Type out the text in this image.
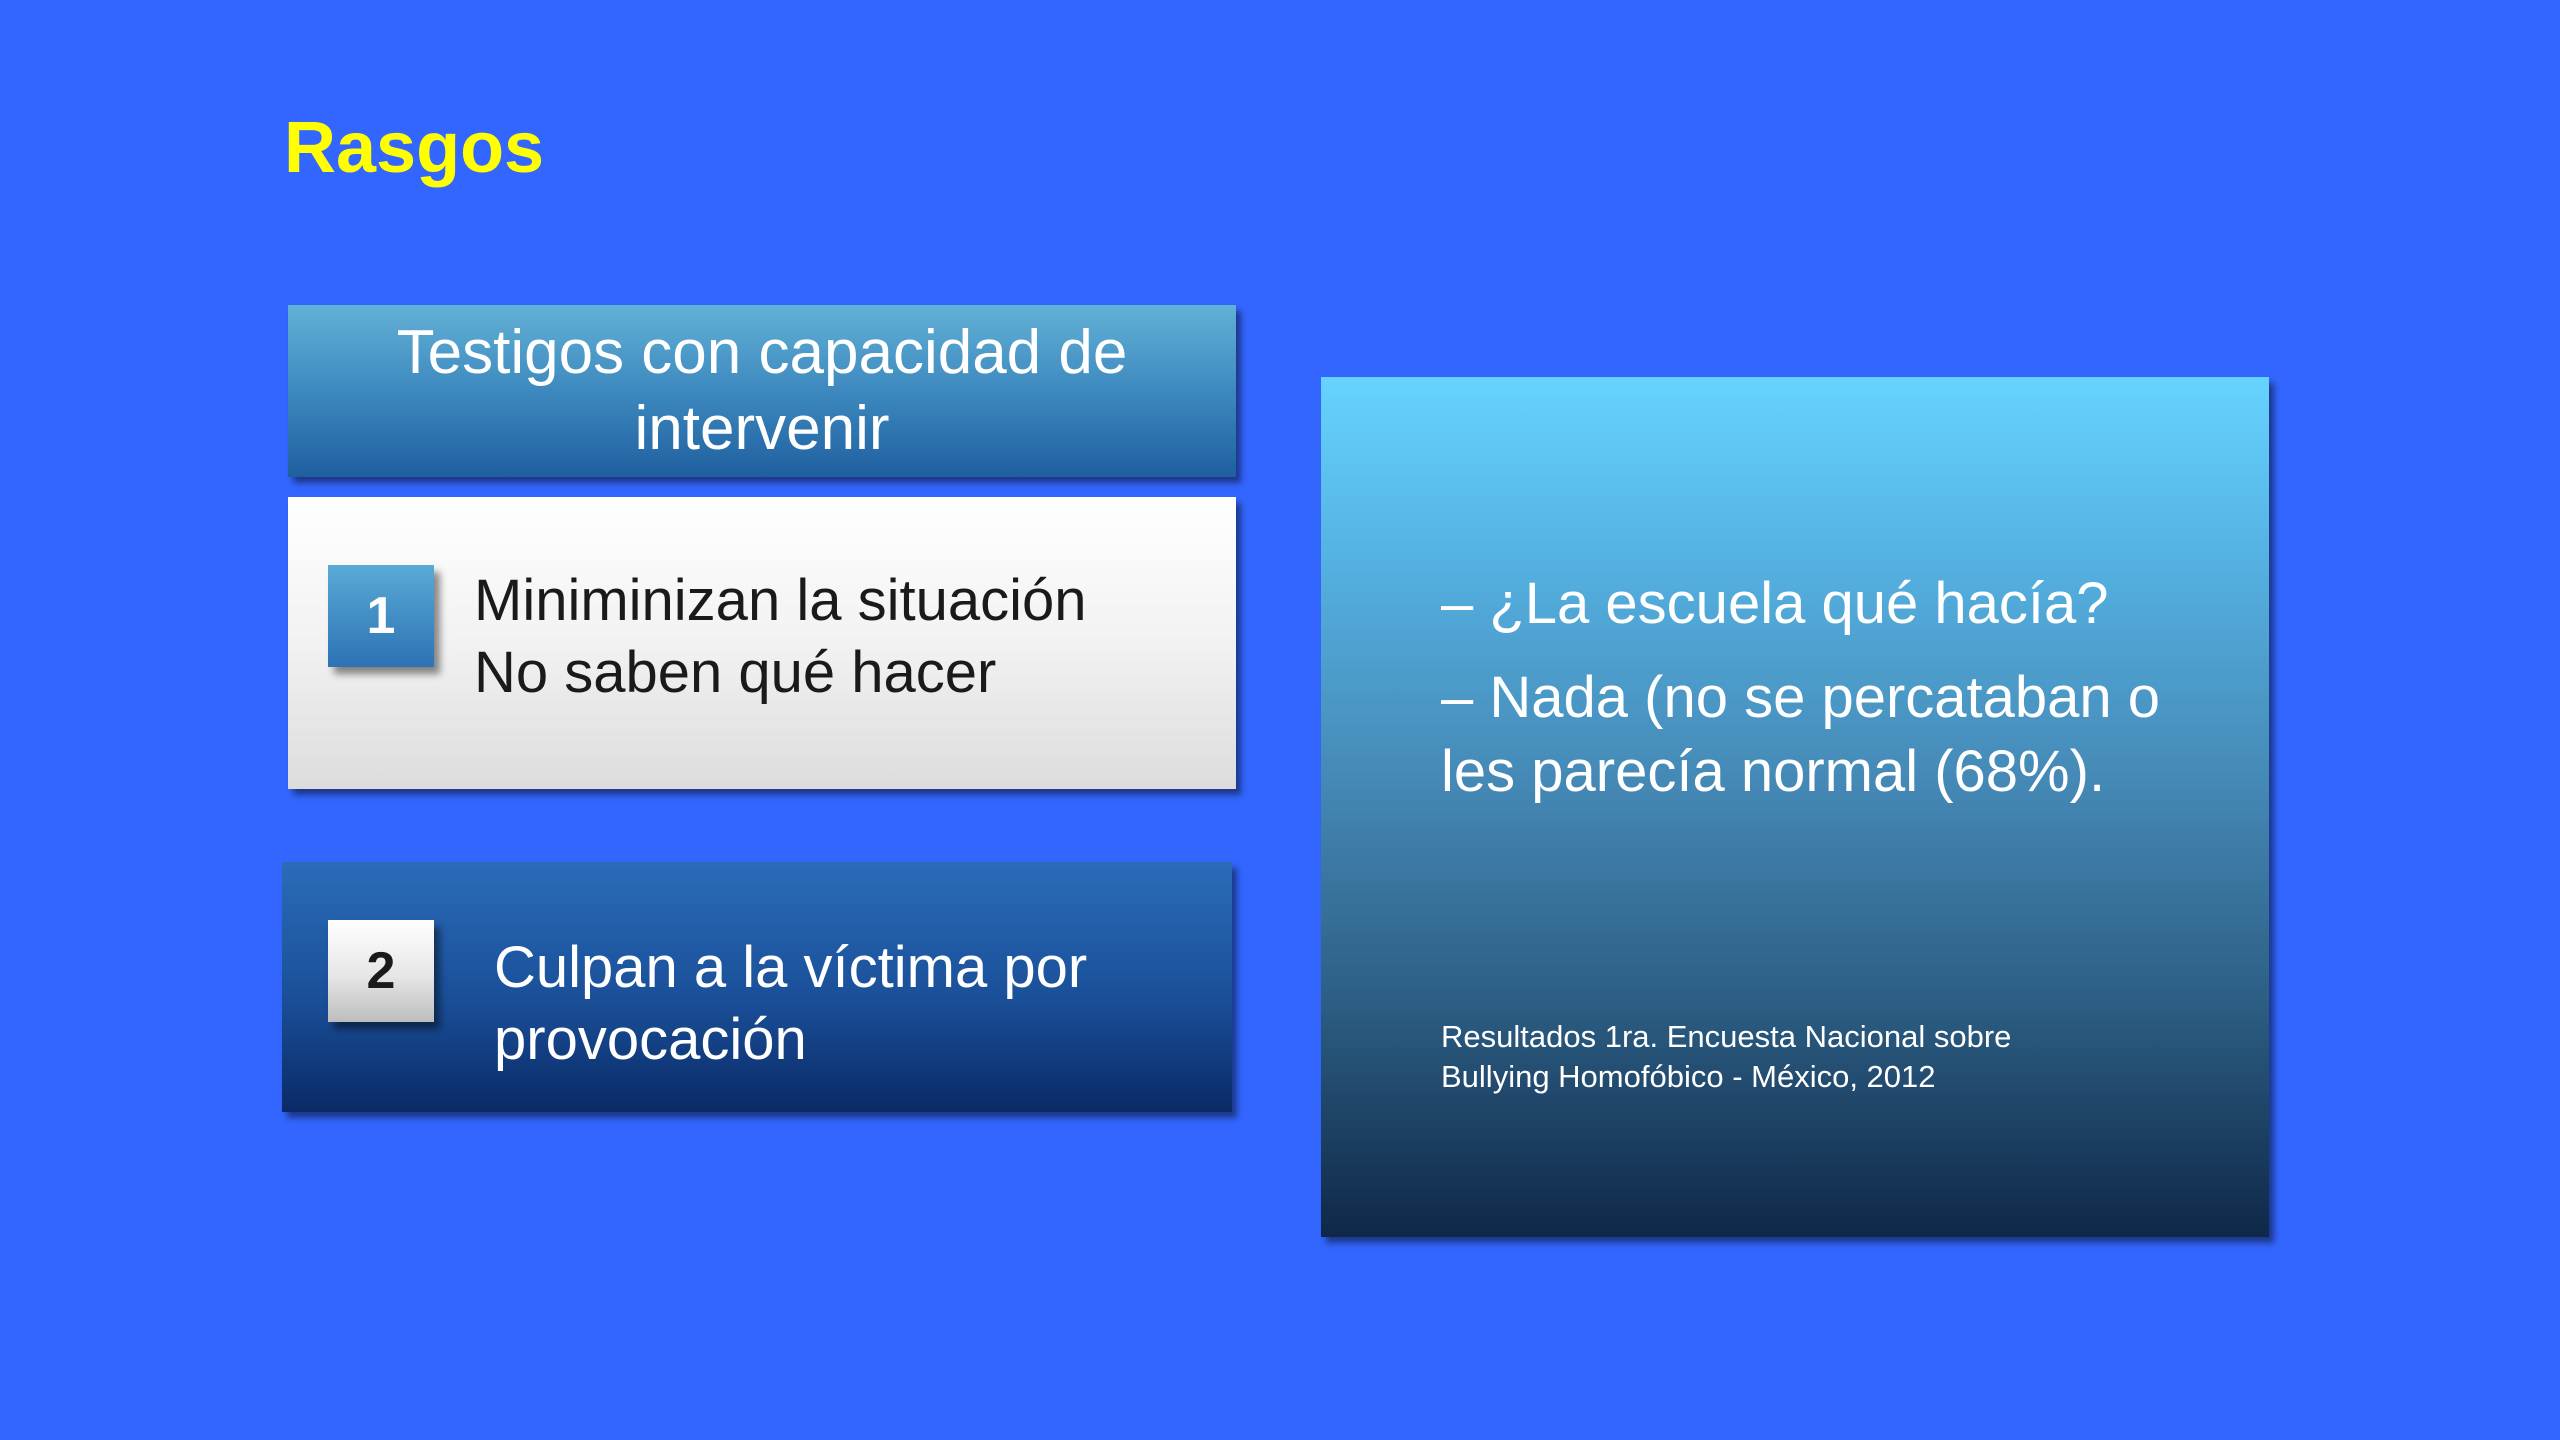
Rasgos
Testigos con capacidad de intervenir
1	Miniminizan la situación
No saben qué hacer
2	Culpan a la víctima por
provocación
– ¿La escuela qué hacía?
– Nada (no se percataban o les parecía normal (68%).
Resultados 1ra. Encuesta Nacional sobre
Bullying Homofóbico - México, 2012
